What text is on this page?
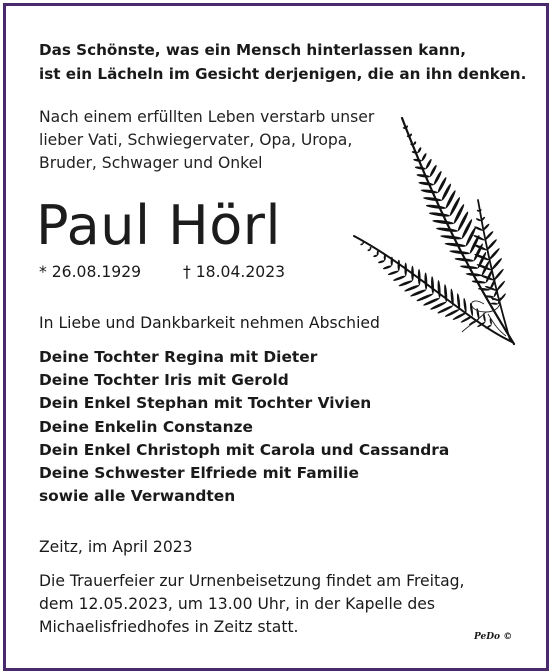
Das Schönste, was ein Mensch hinterlassen kann,
ist ein Lächeln im Gesicht derjenigen, die an ihn denken.
Nach einem erfüllten Leben verstarb unser
lieber Vati, Schwiegervater, Opa, Uropa,
Bruder, Schwager und Onkel
Paul Hörl
* 26.08.1929	† 18.04.2023
In Liebe und Dankbarkeit nehmen Abschied
Deine Tochter Regina mit Dieter
Deine Tochter Iris mit Gerold
Dein Enkel Stephan mit Tochter Vivien
Deine Enkelin Constanze
Dein Enkel Christoph mit Carola und Cassandra
Deine Schwester Elfriede mit Familie
sowie alle Verwandten
Zeitz, im April 2023
Die Trauerfeier zur Urnenbeisetzung findet am Freitag,
dem 12.05.2023, um 13.00 Uhr, in der Kapelle des
Michaelisfriedhofes in Zeitz statt.
PeDo ©
